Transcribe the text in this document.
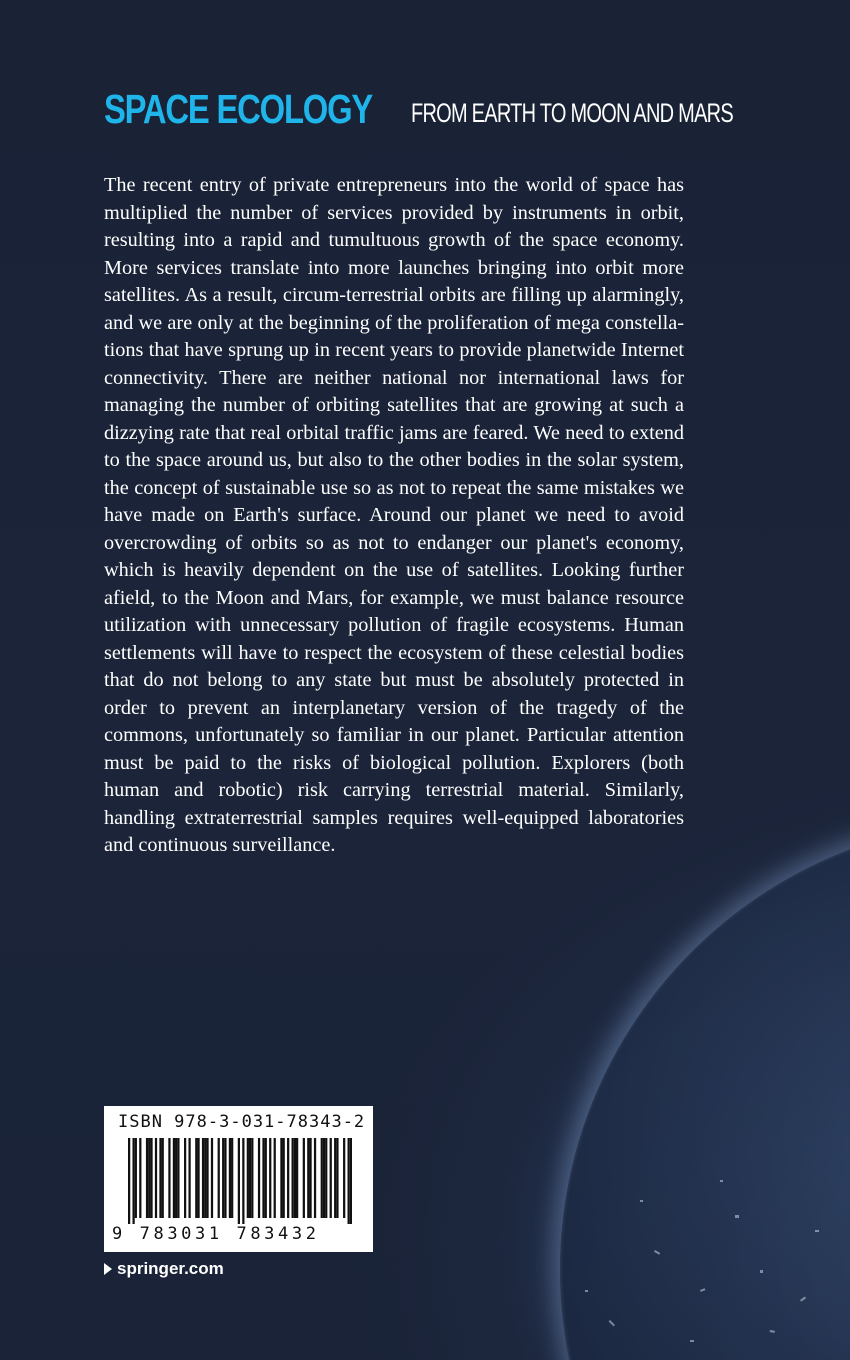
SPACE ECOLOGY FROM EARTH TO MOON AND MARS

The recent entry of private entrepreneurs into the world of space has multiplied the number of services provided by instruments in orbit, resulting into a rapid and tumultuous growth of the space economy. More services translate into more launches bringing into orbit more satellites. As a result, circum-terrestrial orbits are filling up alarmingly, and we are only at the beginning of the proliferation of mega constellations that have sprung up in recent years to provide planetwide Internet connectivity. There are neither national nor international laws for managing the number of orbiting satellites that are growing at such a dizzying rate that real orbital traffic jams are feared. We need to extend to the space around us, but also to the other bodies in the solar system, the concept of sustainable use so as not to repeat the same mistakes we have made on Earth's surface. Around our planet we need to avoid overcrowding of orbits so as not to endanger our planet's economy, which is heavily dependent on the use of satellites. Looking further afield, to the Moon and Mars, for example, we must balance resource utilization with unnecessary pollution of fragile ecosystems. Human settlements will have to respect the ecosystem of these celestial bodies that do not belong to any state but must be absolutely protected in order to prevent an interplanetary version of the tragedy of the commons, unfortunately so familiar in our planet. Particular attention must be paid to the risks of biological pollution. Explorers (both human and robotic) risk carrying terrestrial material. Similarly, handling extraterrestrial samples requires well-equipped laboratories and continuous surveillance.

ISBN 978-3-031-78343-2
9 783031 783432
springer.com
